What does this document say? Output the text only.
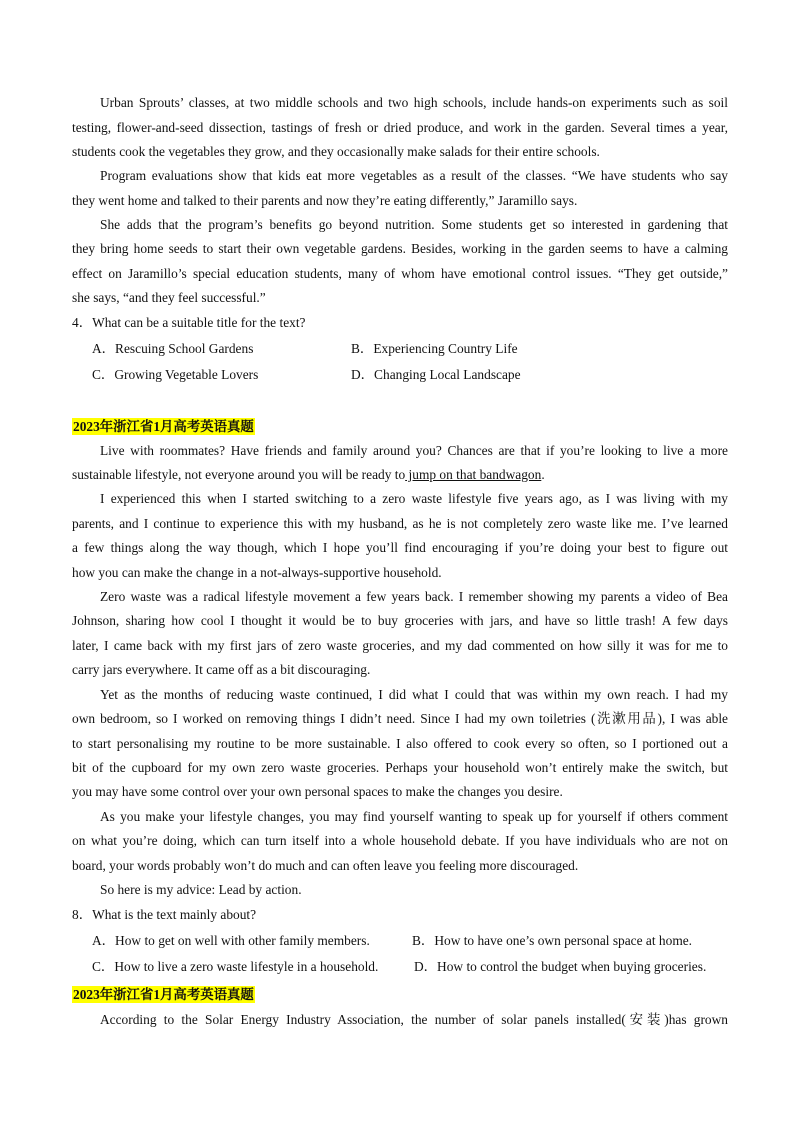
Urban Sprouts’ classes, at two middle schools and two high schools, include hands-on experiments such as soil
testing, flower-and-seed dissection, tastings of fresh or dried produce, and work in the garden. Several times a year,
students cook the vegetables they grow, and they occasionally make salads for their entire schools.
Program evaluations show that kids eat more vegetables as a result of the classes. “We have students who say
they went home and talked to their parents and now they’re eating differently,” Jaramillo says.
She adds that the program’s benefits go beyond nutrition. Some students get so interested in gardening that
they bring home seeds to start their own vegetable gardens. Besides, working in the garden seems to have a calming
effect on Jaramillo’s special education students, many of whom have emotional control issues. “They get outside,”
she says, “and they feel successful.”
4．What can be a suitable title for the text?
A．Rescuing School Gardens	B．Experiencing Country Life
C．Growing Vegetable Lovers	D．Changing Local Landscape
2023年浙江省1月高考英语真题
Live with roommates? Have friends and family around you? Chances are that if you’re looking to live a more
sustainable lifestyle, not everyone around you will be ready to jump on that bandwagon.
I experienced this when I started switching to a zero waste lifestyle five years ago, as I was living with my
parents, and I continue to experience this with my husband, as he is not completely zero waste like me. I’ve learned
a few things along the way though, which I hope you’ll find encouraging if you’re doing your best to figure out
how you can make the change in a not-always-supportive household.
Zero waste was a radical lifestyle movement a few years back. I remember showing my parents a video of Bea
Johnson, sharing how cool I thought it would be to buy groceries with jars, and have so little trash! A few days
later, I came back with my first jars of zero waste groceries, and my dad commented on how silly it was for me to
carry jars everywhere. It came off as a bit discouraging.
Yet as the months of reducing waste continued, I did what I could that was within my own reach. I had my
own bedroom, so I worked on removing things I didn’t need. Since I had my own toiletries (洗漱用品), I was able
to start personalising my routine to be more sustainable. I also offered to cook every so often, so I portioned out a
bit of the cupboard for my own zero waste groceries. Perhaps your household won’t entirely make the switch, but
you may have some control over your own personal spaces to make the changes you desire.
As you make your lifestyle changes, you may find yourself wanting to speak up for yourself if others comment
on what you’re doing, which can turn itself into a whole household debate. If you have individuals who are not on
board, your words probably won’t do much and can often leave you feeling more discouraged.
So here is my advice: Lead by action.
8．What is the text mainly about?
A．How to get on well with other family members.	B．How to have one’s own personal space at home.
C．How to live a zero waste lifestyle in a household.	D．How to control the budget when buying groceries.
2023年浙江省1月高考英语真题
According to the Solar Energy Industry Association, the number of solar panels installed(安装)has grown
